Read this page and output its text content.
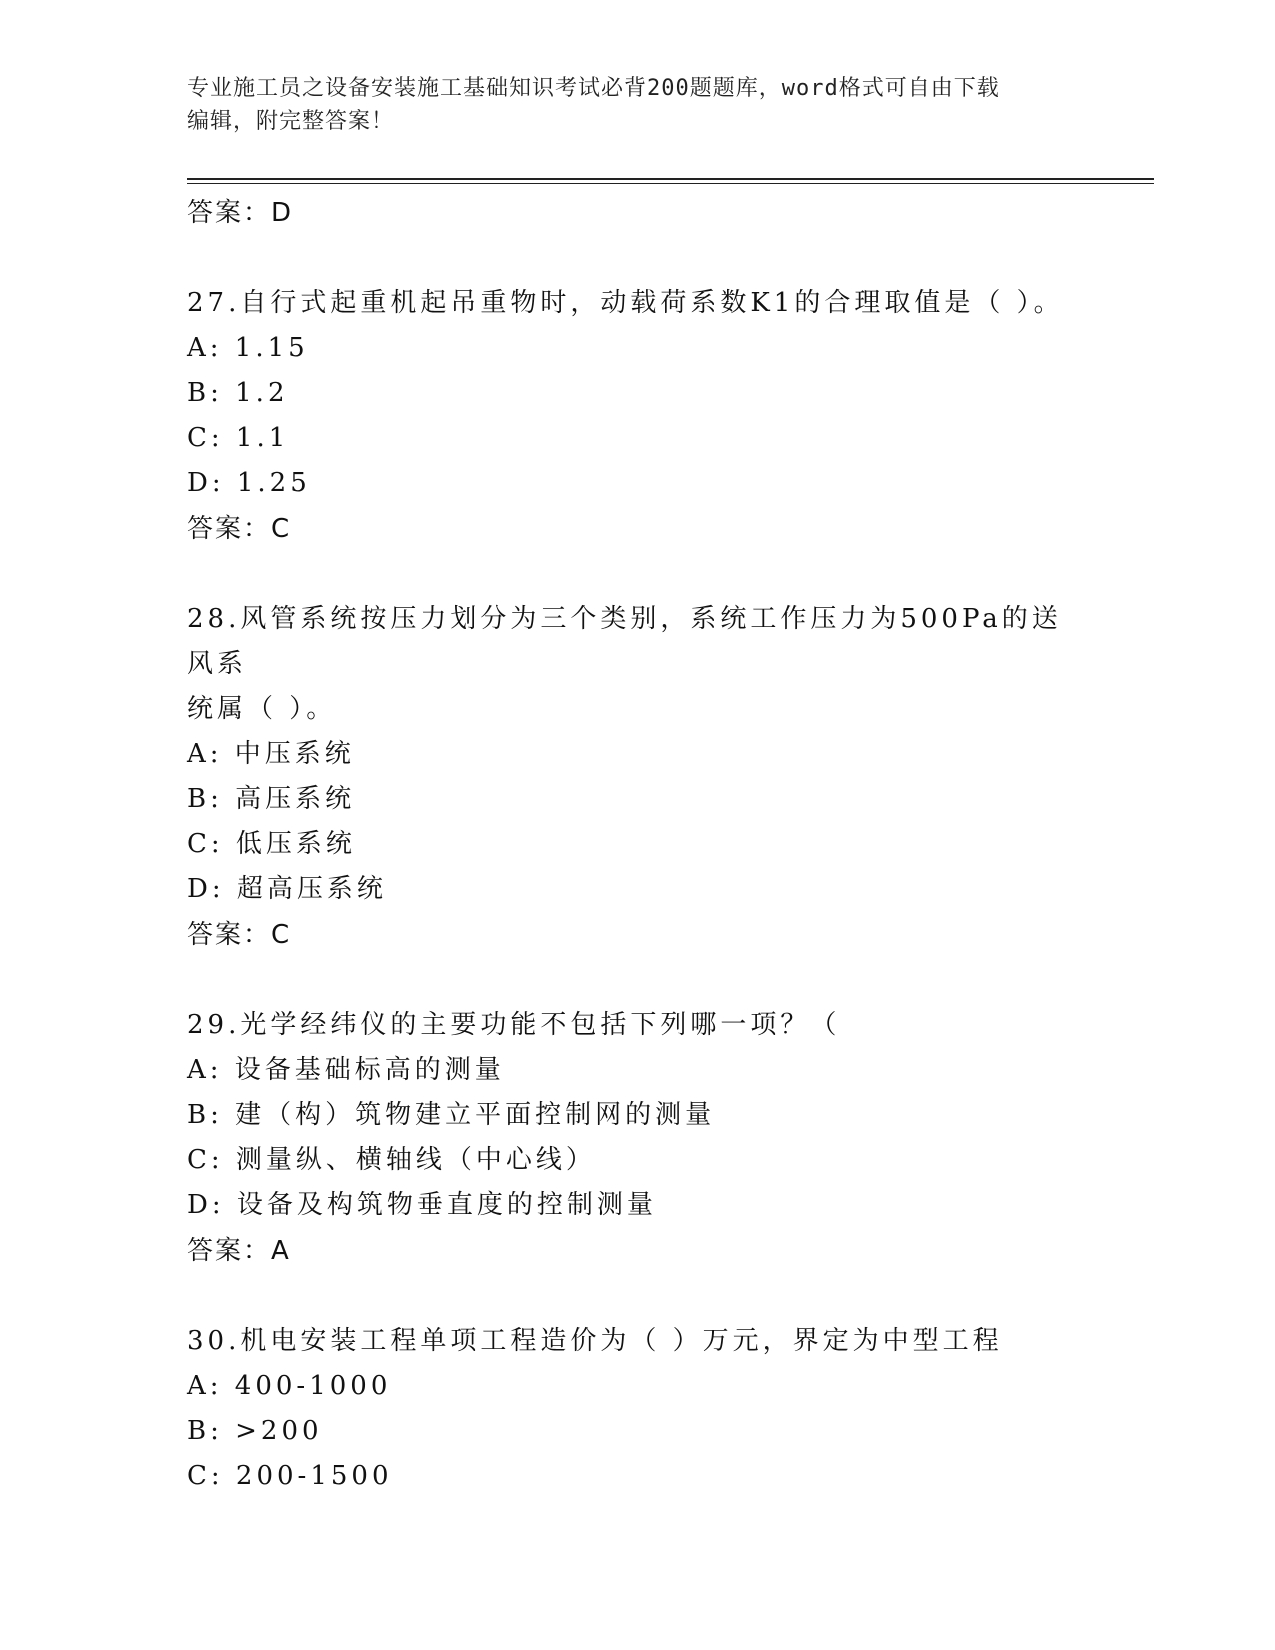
专业施工员之设备安装施工基础知识考试必背200题题库，word格式可自由下载
编辑，附完整答案！
答案：D
27.自行式起重机起吊重物时，动载荷系数K1的合理取值是（ ）。
A: 1.15
B: 1.2
C: 1.1
D: 1.25
答案：C
28.风管系统按压力划分为三个类别，系统工作压力为500Pa的送风系
统属（ ）。
A: 中压系统
B: 高压系统
C: 低压系统
D: 超高压系统
答案：C
29.光学经纬仪的主要功能不包括下列哪一项？（
A: 设备基础标高的测量
B: 建（构）筑物建立平面控制网的测量
C: 测量纵、横轴线（中心线）
D: 设备及构筑物垂直度的控制测量
答案：A
30.机电安装工程单项工程造价为（ ）万元，界定为中型工程
A: 400-1000
B: >200
C: 200-1500
